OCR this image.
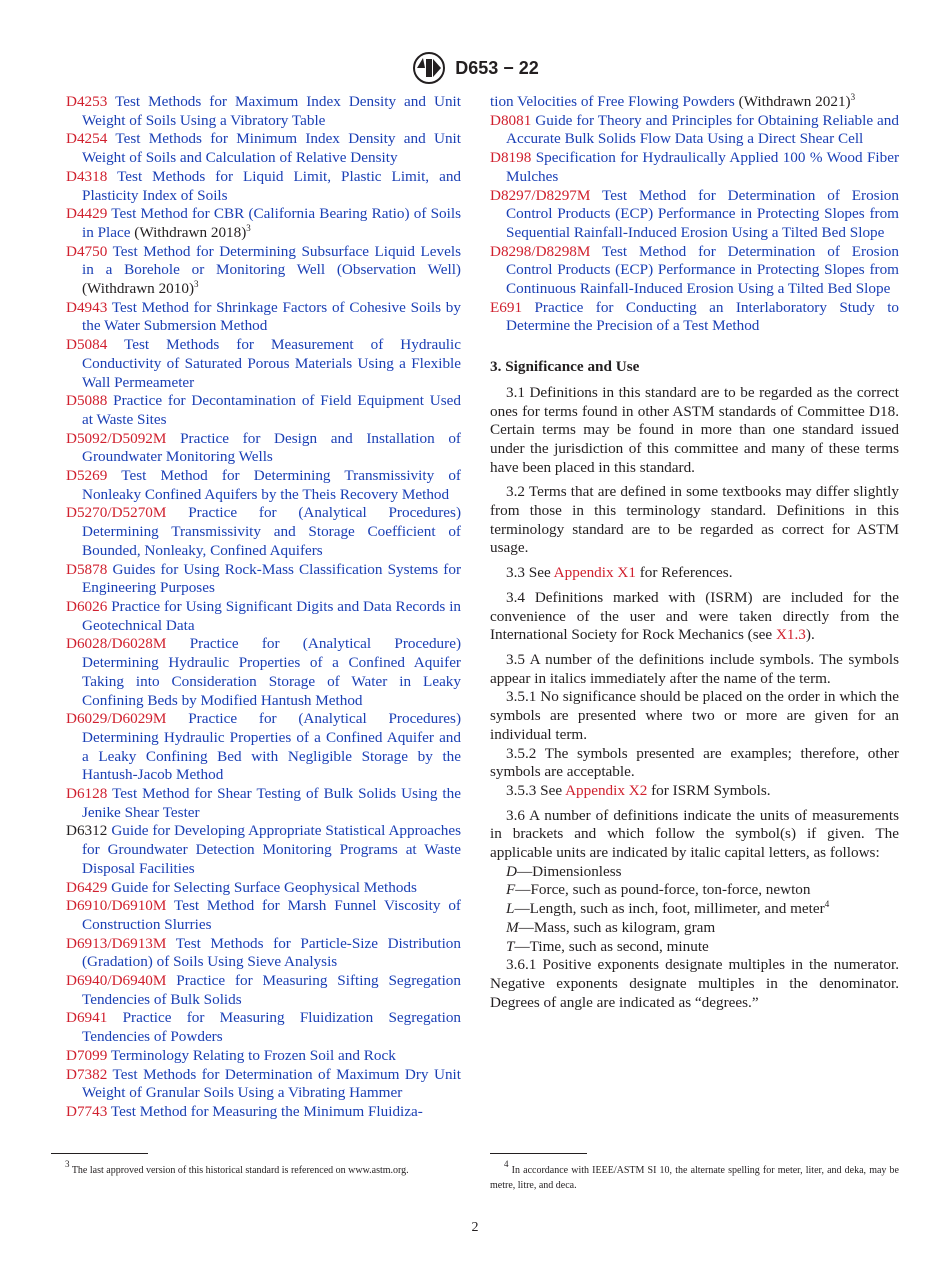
D653 − 22

D4253 Test Methods for Maximum Index Density and Unit Weight of Soils Using a Vibratory Table

D4254 Test Methods for Minimum Index Density and Unit Weight of Soils and Calculation of Relative Density

D4318 Test Methods for Liquid Limit, Plastic Limit, and Plasticity Index of Soils

D4429 Test Method for CBR (California Bearing Ratio) of Soils in Place (Withdrawn 2018)$^3$

D4750 Test Method for Determining Subsurface Liquid Levels in a Borehole or Monitoring Well (Observation Well) (Withdrawn 2010)$^3$

D4943 Test Method for Shrinkage Factors of Cohesive Soils by the Water Submersion Method

D5084 Test Methods for Measurement of Hydraulic Conductivity of Saturated Porous Materials Using a Flexible Wall Permeameter

D5088 Practice for Decontamination of Field Equipment Used at Waste Sites

D5092/D5092M Practice for Design and Installation of Groundwater Monitoring Wells

D5269 Test Method for Determining Transmissivity of Nonleaky Confined Aquifers by the Theis Recovery Method

D5270/D5270M Practice for (Analytical Procedures) Determining Transmissivity and Storage Coefficient of Bounded, Nonleaky, Confined Aquifers

D5878 Guides for Using Rock-Mass Classification Systems for Engineering Purposes

D6026 Practice for Using Significant Digits and Data Records in Geotechnical Data

D6028/D6028M Practice for (Analytical Procedure) Determining Hydraulic Properties of a Confined Aquifer Taking into Consideration Storage of Water in Leaky Confining Beds by Modified Hantush Method

D6029/D6029M Practice for (Analytical Procedures) Determining Hydraulic Properties of a Confined Aquifer and a Leaky Confining Bed with Negligible Storage by the Hantush-Jacob Method

D6128 Test Method for Shear Testing of Bulk Solids Using the Jenike Shear Tester

D6312 Guide for Developing Appropriate Statistical Approaches for Groundwater Detection Monitoring Programs at Waste Disposal Facilities

D6429 Guide for Selecting Surface Geophysical Methods

D6910/D6910M Test Method for Marsh Funnel Viscosity of Construction Slurries

D6913/D6913M Test Methods for Particle-Size Distribution (Gradation) of Soils Using Sieve Analysis

D6940/D6940M Practice for Measuring Sifting Segregation Tendencies of Bulk Solids

D6941 Practice for Measuring Fluidization Segregation Tendencies of Powders

D7099 Terminology Relating to Frozen Soil and Rock

D7382 Test Methods for Determination of Maximum Dry Unit Weight of Granular Soils Using a Vibrating Hammer

D7743 Test Method for Measuring the Minimum Fluidiza-

tion Velocities of Free Flowing Powders (Withdrawn 2021)$^3$

D8081 Guide for Theory and Principles for Obtaining Reliable and Accurate Bulk Solids Flow Data Using a Direct Shear Cell

D8198 Specification for Hydraulically Applied 100 % Wood Fiber Mulches

D8297/D8297M Test Method for Determination of Erosion Control Products (ECP) Performance in Protecting Slopes from Sequential Rainfall-Induced Erosion Using a Tilted Bed Slope

D8298/D8298M Test Method for Determination of Erosion Control Products (ECP) Performance in Protecting Slopes from Continuous Rainfall-Induced Erosion Using a Tilted Bed Slope

E691 Practice for Conducting an Interlaboratory Study to Determine the Precision of a Test Method

3. Significance and Use

3.1 Definitions in this standard are to be regarded as the correct ones for terms found in other ASTM standards of Committee D18. Certain terms may be found in more than one standard issued under the jurisdiction of this committee and many of these terms have been placed in this standard.

3.2 Terms that are defined in some textbooks may differ slightly from those in this terminology standard. Definitions in this terminology standard are to be regarded as correct for ASTM usage.

3.3 See Appendix X1 for References.

3.4 Definitions marked with (ISRM) are included for the convenience of the user and were taken directly from the International Society for Rock Mechanics (see X1.3).

3.5 A number of the definitions include symbols. The symbols appear in italics immediately after the name of the term.

3.5.1 No significance should be placed on the order in which the symbols are presented where two or more are given for an individual term.

3.5.2 The symbols presented are examples; therefore, other symbols are acceptable.

3.5.3 See Appendix X2 for ISRM Symbols.

3.6 A number of definitions indicate the units of measurements in brackets and which follow the symbol(s) if given. The applicable units are indicated by italic capital letters, as follows:

D—Dimensionless

F—Force, such as pound-force, ton-force, newton

L—Length, such as inch, foot, millimeter, and meter$^4$

M—Mass, such as kilogram, gram

T—Time, such as second, minute

3.6.1 Positive exponents designate multiples in the numerator. Negative exponents designate multiples in the denominator. Degrees of angle are indicated as “degrees.”

$^3$ The last approved version of this historical standard is referenced on www.astm.org.

$^4$ In accordance with IEEE/ASTM SI 10, the alternate spelling for meter, liter, and deka, may be metre, litre, and deca.

2
